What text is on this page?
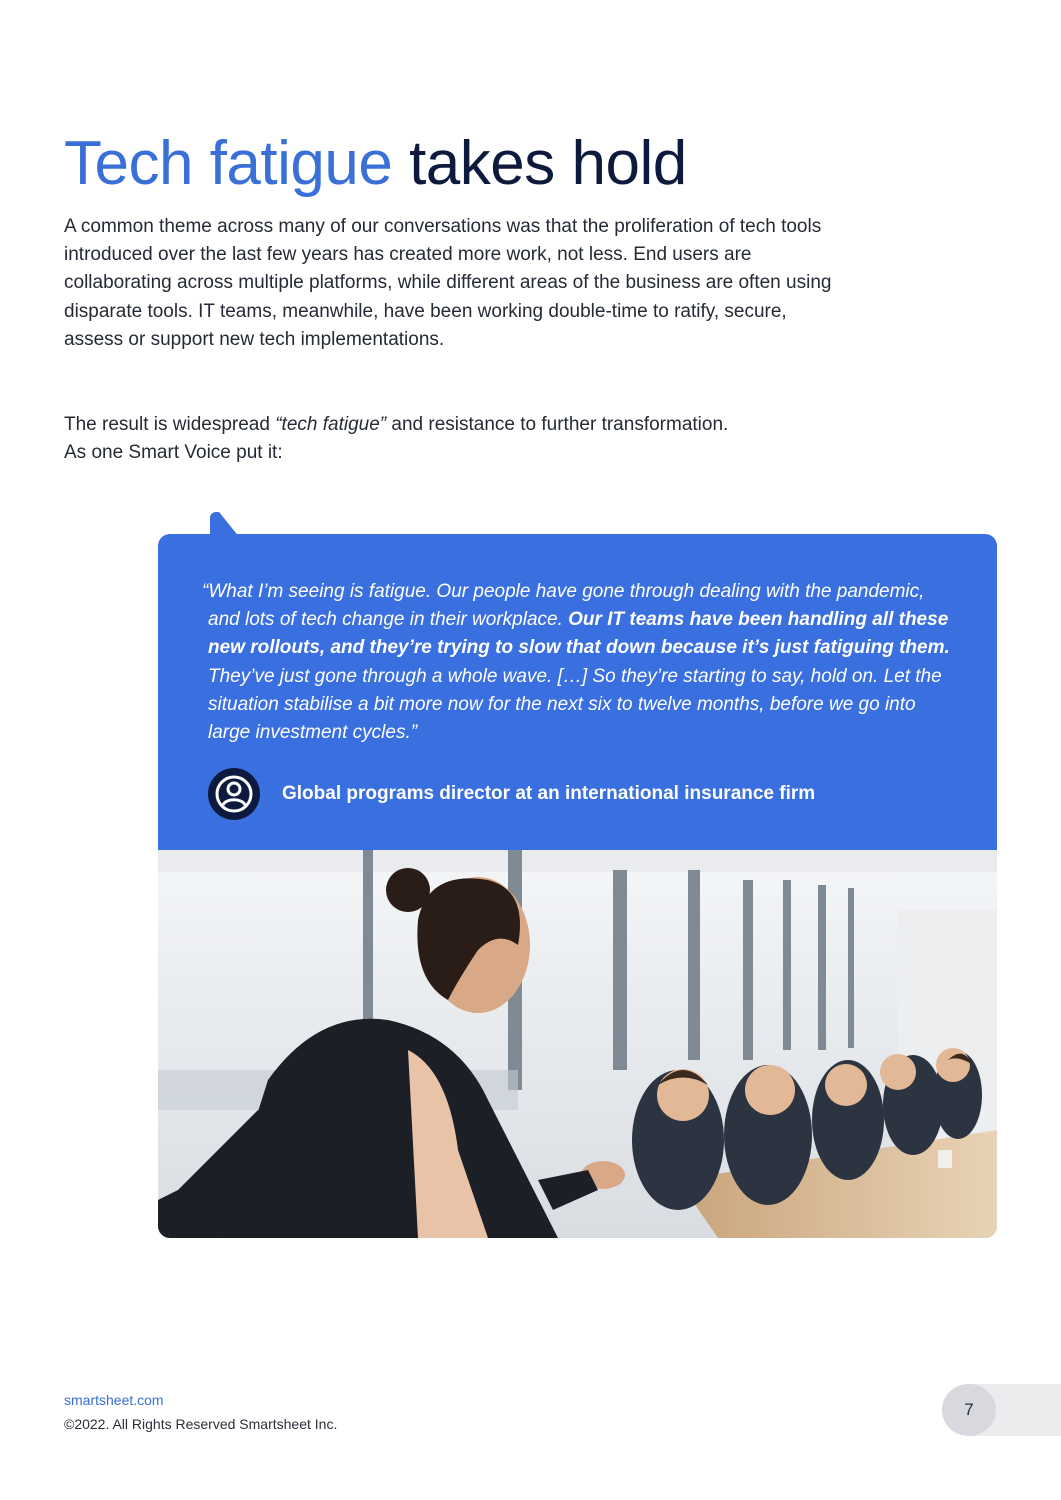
Tech fatigue takes hold

A common theme across many of our conversations was that the proliferation of tech tools introduced over the last few years has created more work, not less. End users are collaborating across multiple platforms, while different areas of the business are often using disparate tools. IT teams, meanwhile, have been working double-time to ratify, secure, assess or support new tech implementations.

The result is widespread “tech fatigue” and resistance to further transformation.
As one Smart Voice put it:

“What I’m seeing is fatigue. Our people have gone through dealing with the pandemic, and lots of tech change in their workplace. Our IT teams have been handling all these new rollouts, and they’re trying to slow that down because it’s just fatiguing them. They’ve just gone through a whole wave. […] So they’re starting to say, hold on. Let the situation stabilise a bit more now for the next six to twelve months, before we go into large investment cycles.”

Global programs director at an international insurance firm
smartsheet.com
©2022. All Rights Reserved Smartsheet Inc.
7
